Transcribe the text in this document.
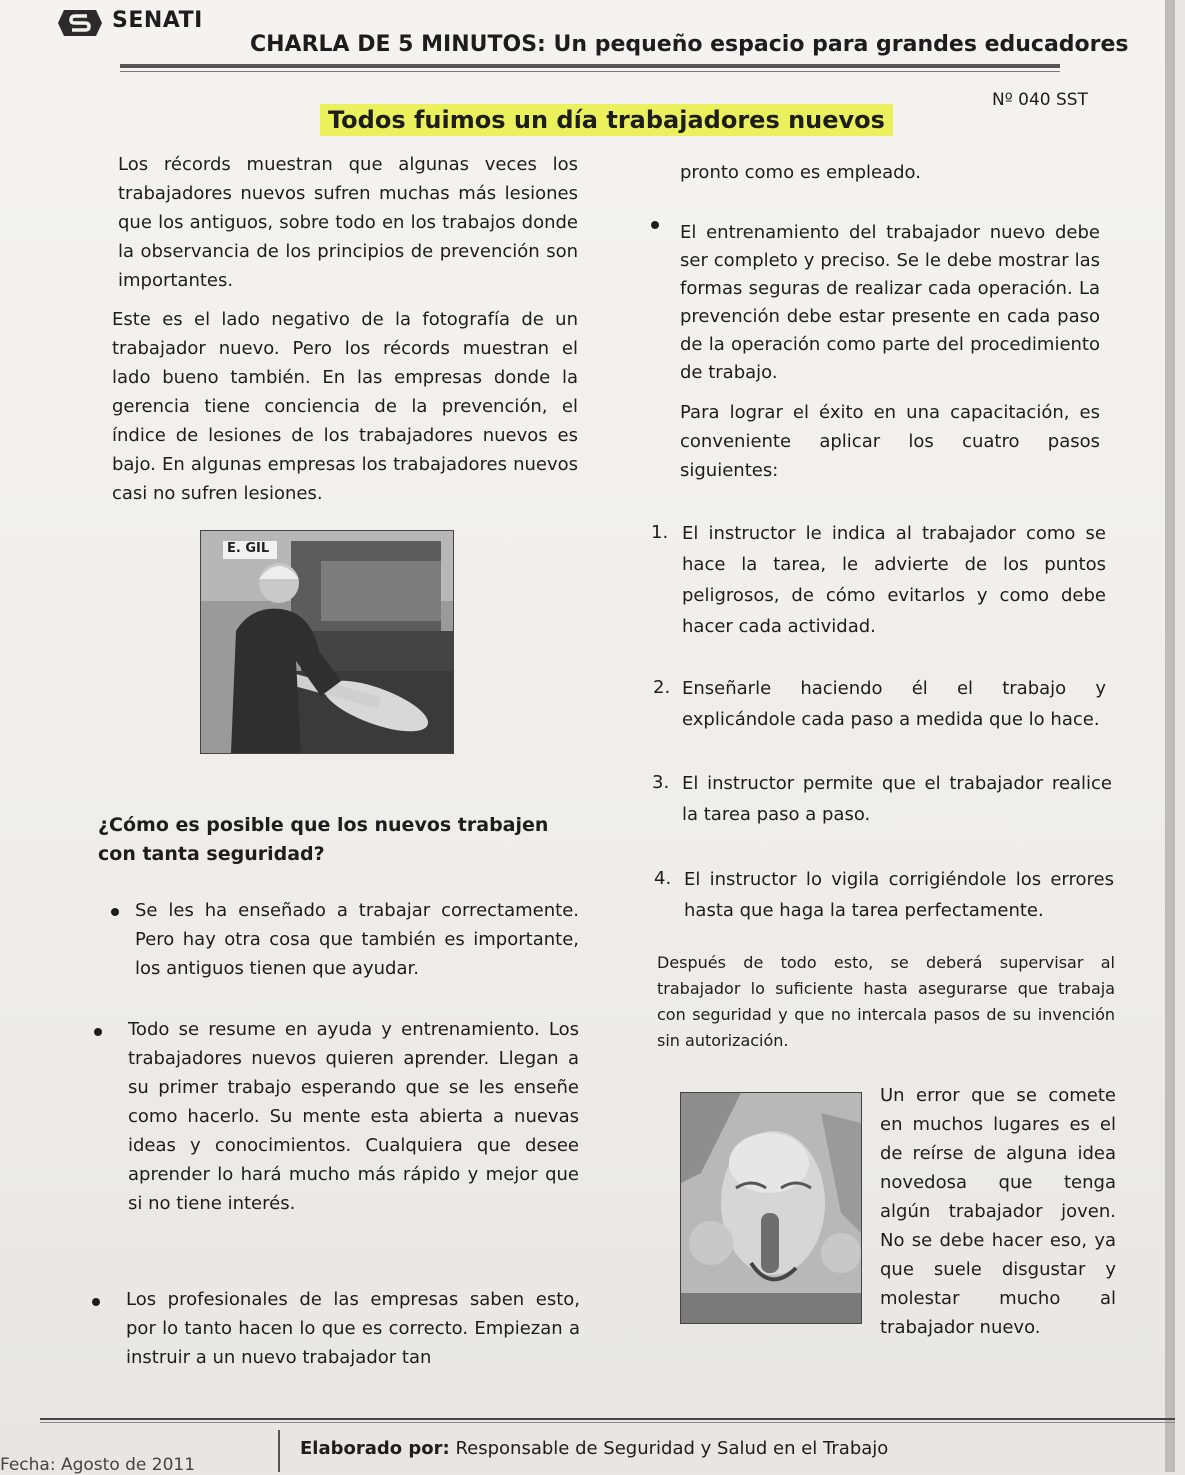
SENATI
CHARLA DE 5 MINUTOS: Un pequeño espacio para grandes educadores
Nº 040 SST
Todos fuimos un día trabajadores nuevos
Los récords muestran que algunas veces los trabajadores nuevos sufren muchas más lesiones que los antiguos, sobre todo en los trabajos donde la observancia de los principios de prevención son importantes.
Este es el lado negativo de la fotografía de un trabajador nuevo. Pero los récords muestran el lado bueno también. En las empresas donde la gerencia tiene conciencia de la prevención, el índice de lesiones de los trabajadores nuevos es bajo. En algunas empresas los trabajadores nuevos casi no sufren lesiones.
E. GIL
¿Cómo es posible que los nuevos trabajen con tanta seguridad?
Se les ha enseñado a trabajar correctamente. Pero hay otra cosa que también es importante, los antiguos tienen que ayudar.
Todo se resume en ayuda y entrenamiento. Los trabajadores nuevos quieren aprender. Llegan a su primer trabajo esperando que se les enseñe como hacerlo. Su mente esta abierta a nuevas ideas y conocimientos. Cualquiera que desee aprender lo hará mucho más rápido y mejor que si no tiene interés.
Los profesionales de las empresas saben esto, por lo tanto hacen lo que es correcto. Empiezan a instruir a un nuevo trabajador tan
pronto como es empleado.
El entrenamiento del trabajador nuevo debe ser completo y preciso. Se le debe mostrar las formas seguras de realizar cada operación. La prevención debe estar presente en cada paso de la operación como parte del procedimiento de trabajo.
Para lograr el éxito en una capacitación, es conveniente aplicar los cuatro pasos siguientes:
1. El instructor le indica al trabajador como se hace la tarea, le advierte de los puntos peligrosos, de cómo evitarlos y como debe hacer cada actividad.
2. Enseñarle haciendo él el trabajo y explicándole cada paso a medida que lo hace.
3. El instructor permite que el trabajador realice la tarea paso a paso.
4. El instructor lo vigila corrigiéndole los errores hasta que haga la tarea perfectamente.
Después de todo esto, se deberá supervisar al trabajador lo suficiente hasta asegurarse que trabaja con seguridad y que no intercala pasos de su invención sin autorización.
Un error que se comete en muchos lugares es el de reírse de alguna idea novedosa que tenga algún trabajador joven. No se debe hacer eso, ya que suele disgustar y molestar mucho al trabajador nuevo.
Fecha: Agosto de 2011
Elaborado por: Responsable de Seguridad y Salud en el Trabajo
